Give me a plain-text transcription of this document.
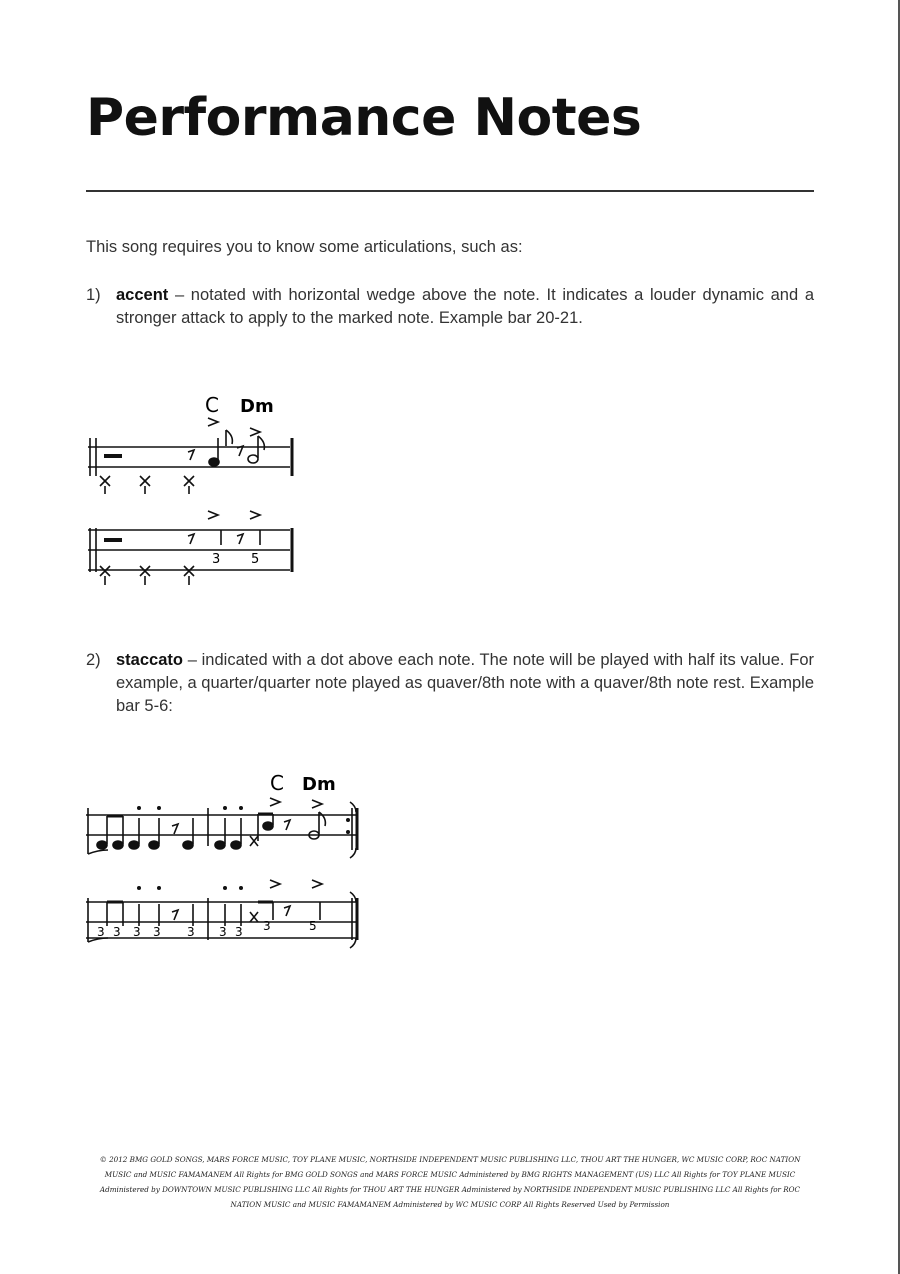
Performance Notes
This song requires you to know some articulations, such as:
1) accent – notated with horizontal wedge above the note. It indicates a louder dynamic and a stronger attack to apply to the marked note. Example bar 20-21.
C Dm
3 5
2) staccato – indicated with a dot above each note. The note will be played with half its value. For example, a quarter/quarter note played as quaver/8th note with a quaver/8th note rest. Example bar 5-6:
C Dm
3 3 3 3 3 3 3 3	5
© 2012 BMG GOLD SONGS, MARS FORCE MUSIC, TOY PLANE MUSIC, NORTHSIDE INDEPENDENT MUSIC PUBLISHING LLC, THOU ART THE HUNGER, WC MUSIC CORP, ROC NATION MUSIC and MUSIC FAMAMANEM All Rights for BMG GOLD SONGS and MARS FORCE MUSIC Administered by BMG RIGHTS MANAGEMENT (US) LLC All Rights for TOY PLANE MUSIC Administered by DOWNTOWN MUSIC PUBLISHING LLC All Rights for THOU ART THE HUNGER Administered by NORTHSIDE INDEPENDENT MUSIC PUBLISHING LLC All Rights for ROC NATION MUSIC and MUSIC FAMAMANEM Administered by WC MUSIC CORP All Rights Reserved Used by Permission
